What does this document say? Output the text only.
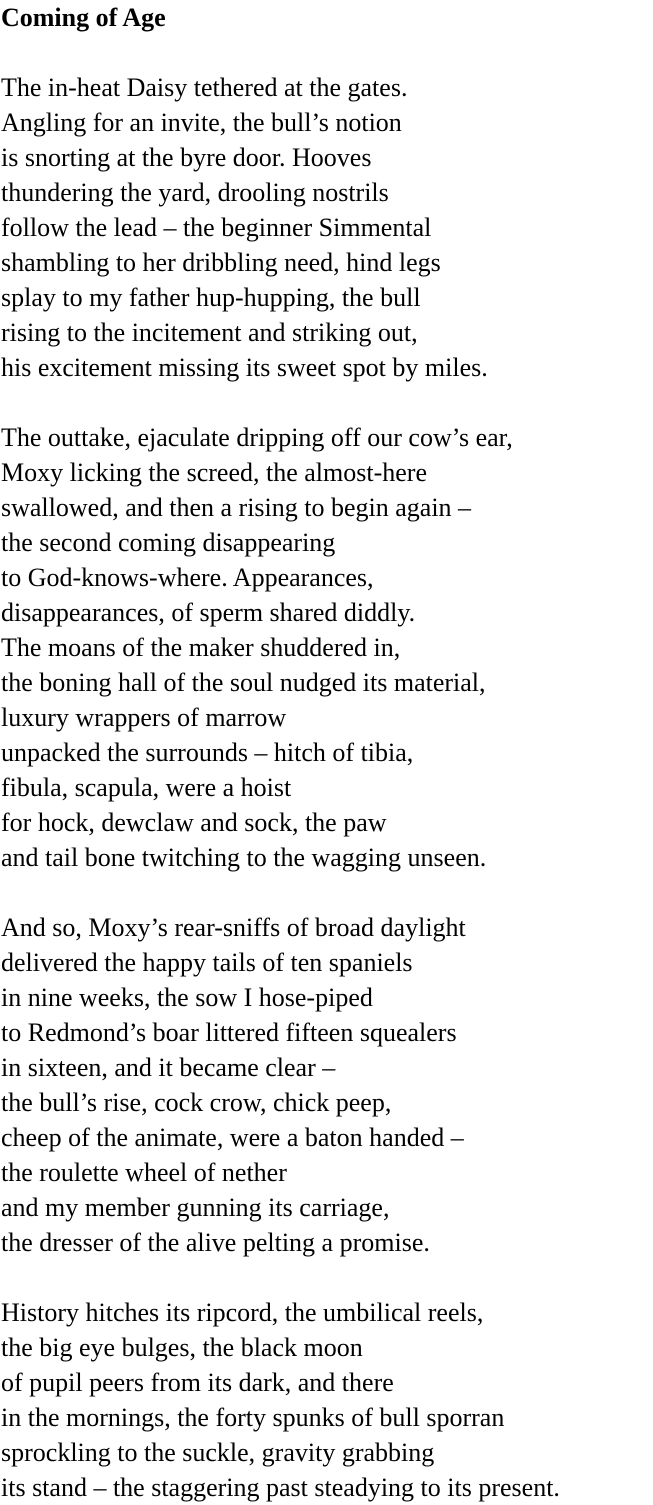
Coming of Age
The in-heat Daisy tethered at the gates.
Angling for an invite, the bull’s notion
is snorting at the byre door. Hooves
thundering the yard, drooling nostrils
follow the lead – the beginner Simmental
shambling to her dribbling need, hind legs
splay to my father hup-hupping, the bull
rising to the incitement and striking out,
his excitement missing its sweet spot by miles.
The outtake, ejaculate dripping off our cow’s ear,
Moxy licking the screed, the almost-here
swallowed, and then a rising to begin again –
the second coming disappearing
to God-knows-where. Appearances,
disappearances, of sperm shared diddly.
The moans of the maker shuddered in,
the boning hall of the soul nudged its material,
luxury wrappers of marrow
unpacked the surrounds – hitch of tibia,
fibula, scapula, were a hoist
for hock, dewclaw and sock, the paw
and tail bone twitching to the wagging unseen.
And so, Moxy’s rear-sniffs of broad daylight
delivered the happy tails of ten spaniels
in nine weeks, the sow I hose-piped
to Redmond’s boar littered fifteen squealers
in sixteen, and it became clear –
the bull’s rise, cock crow, chick peep,
cheep of the animate, were a baton handed –
the roulette wheel of nether
and my member gunning its carriage,
the dresser of the alive pelting a promise.
History hitches its ripcord, the umbilical reels,
the big eye bulges, the black moon
of pupil peers from its dark, and there
in the mornings, the forty spunks of bull sporran
sprockling to the suckle, gravity grabbing
its stand – the staggering past steadying to its present.
